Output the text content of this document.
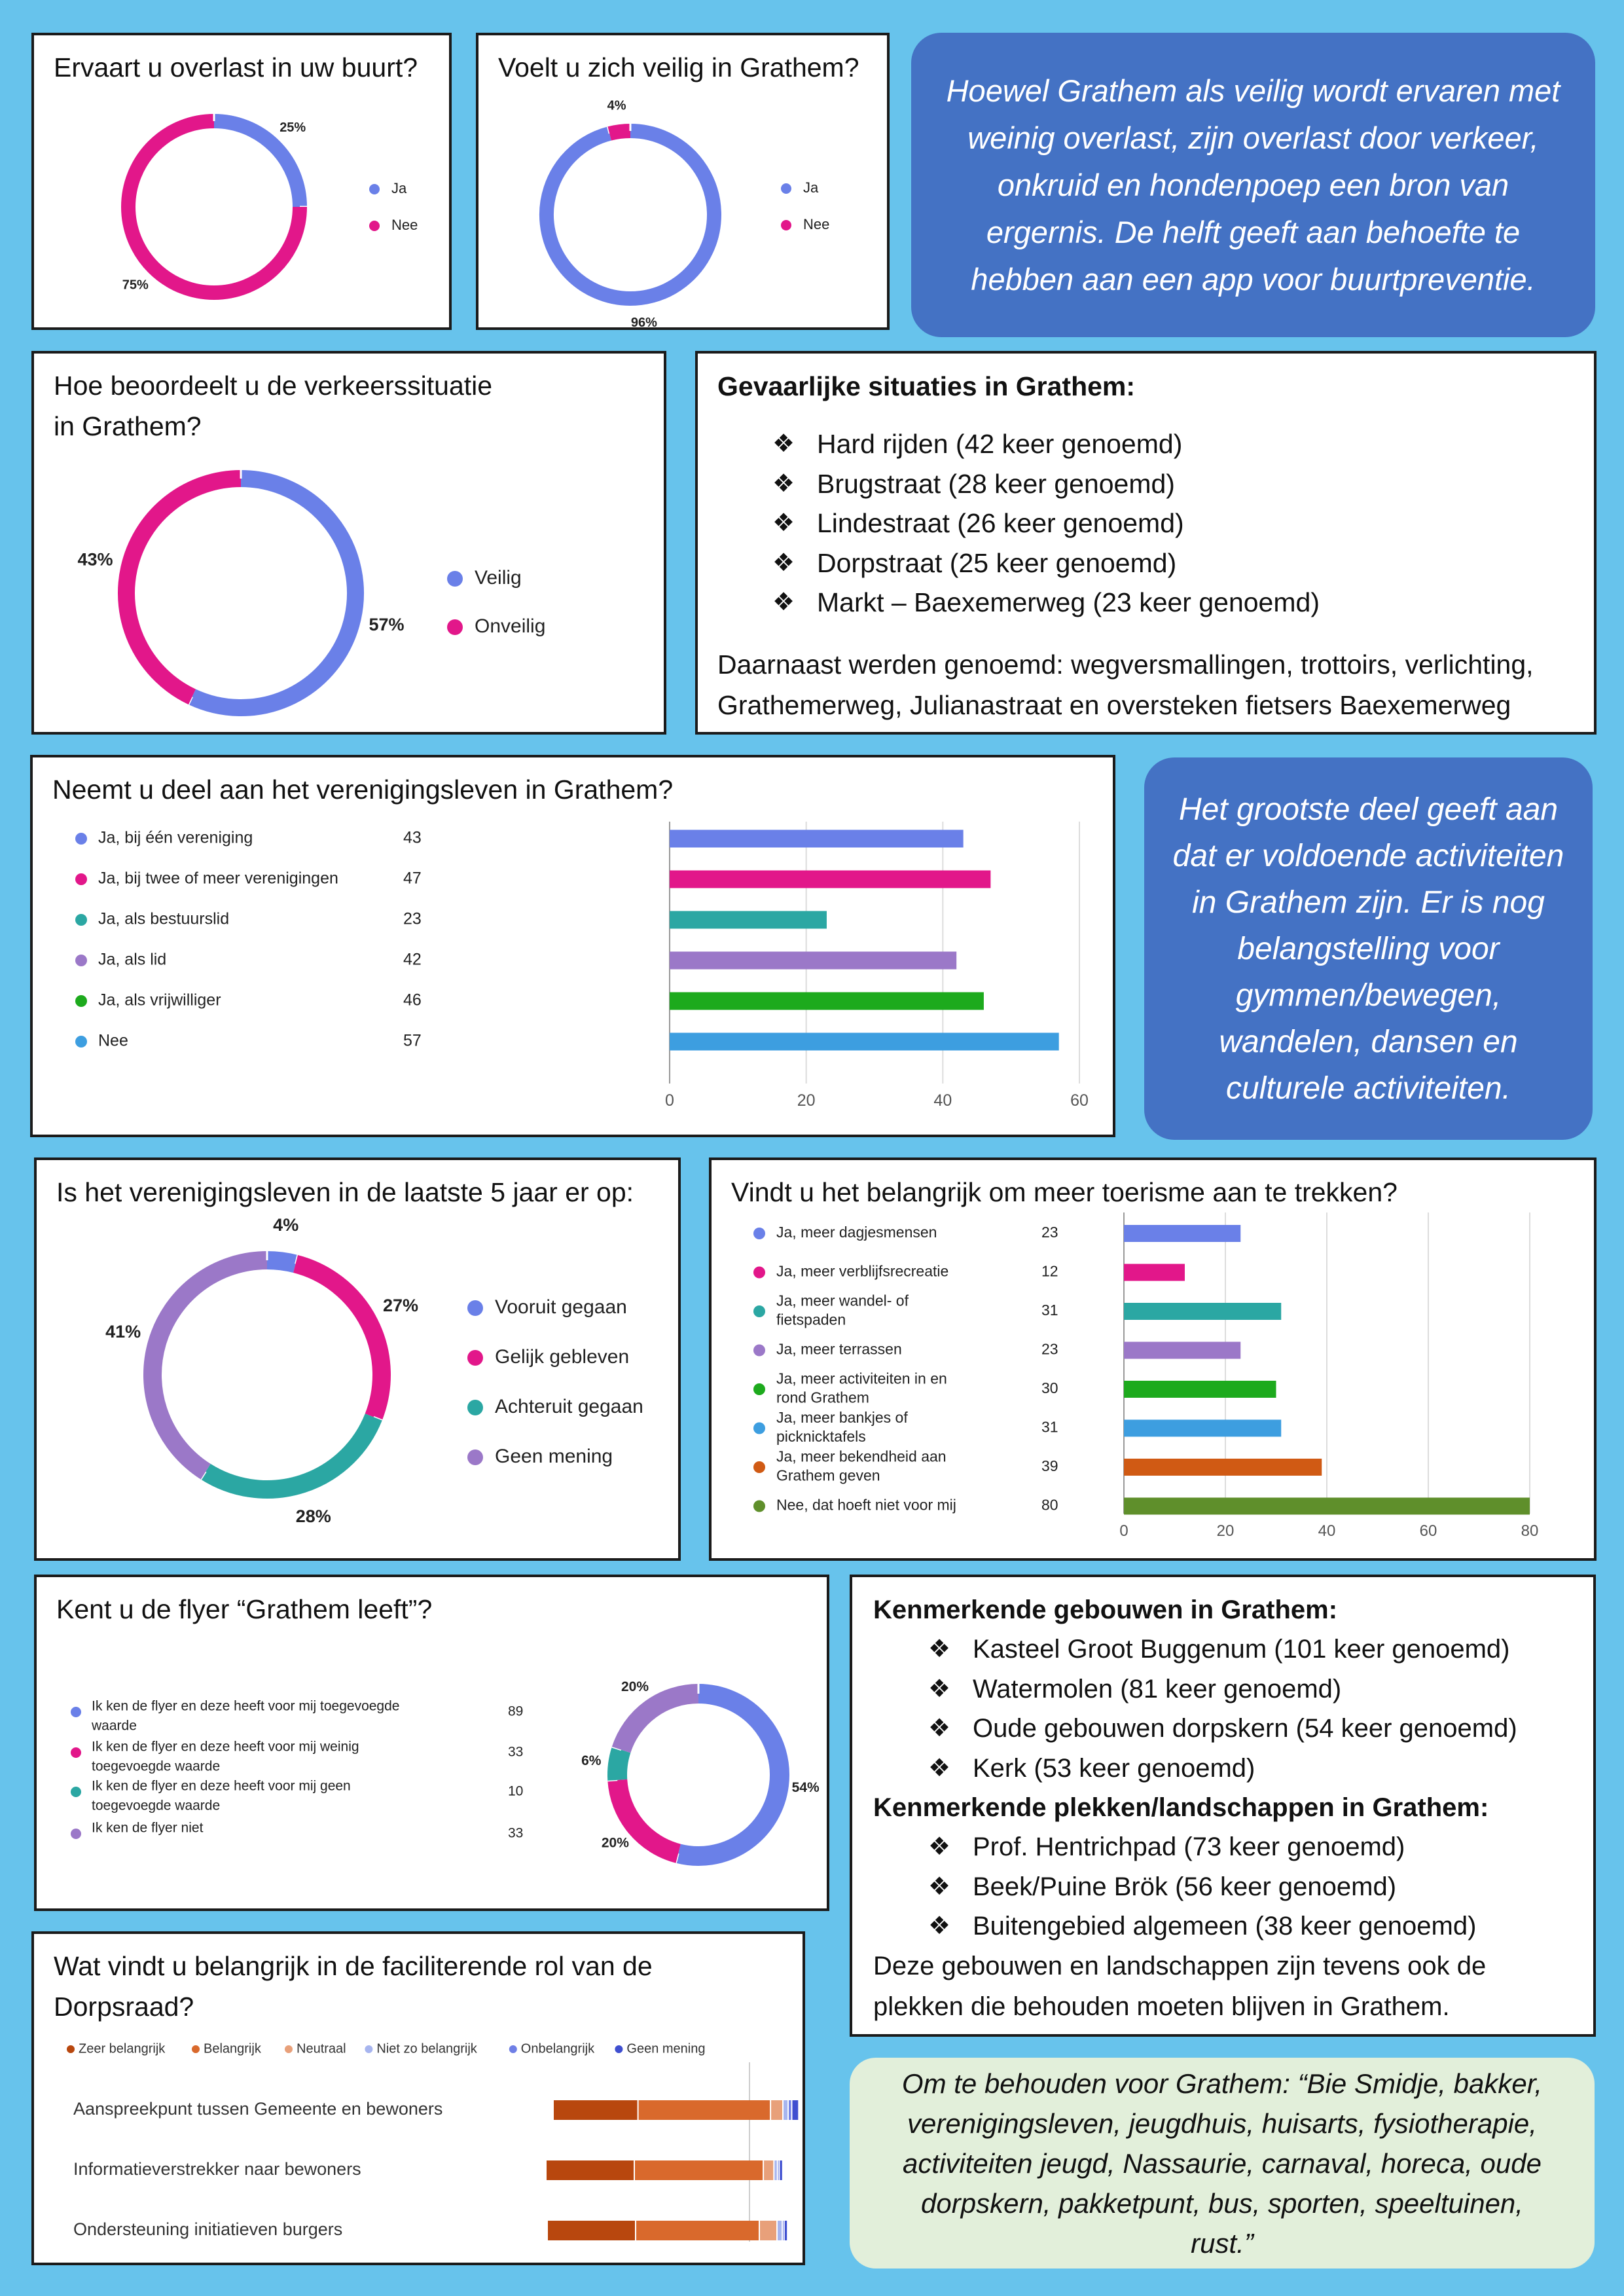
Ervaart u overlast in uw buurt?
25%
75%
Ja
Nee
Voelt u zich veilig in Grathem?
96%
4%
Ja
Nee
Hoewel Grathem als veilig wordt ervaren met weinig overlast, zijn overlast door verkeer, onkruid en hondenpoep een bron van ergernis. De helft geeft aan behoefte te hebben aan een app voor buurtpreventie.
Hoe beoordeelt u de verkeerssituatie in Grathem?
57%
43%
Veilig
Onveilig
Gevaarlijke situaties in Grathem:
❖ Hard rijden (42 keer genoemd)
❖ Brugstraat (28 keer genoemd)
❖ Lindestraat (26 keer genoemd)
❖ Dorpstraat (25 keer genoemd)
❖ Markt – Baexemerweg (23 keer genoemd)
Daarnaast werden genoemd: wegversmallingen, trottoirs, verlichting, Grathemerweg, Julianastraat en oversteken fietsers Baexemerweg
Neemt u deel aan het verenigingsleven in Grathem?
0	20	40	60
Ja, bij één vereniging	43
Ja, bij twee of meer verenigingen	47
Ja, als bestuurslid	23
Ja, als lid	42
Ja, als vrijwilliger	46
Nee	57
Het grootste deel geeft aan dat er voldoende activiteiten in Grathem zijn. Er is nog belangstelling voor gymmen/bewegen, wandelen, dansen en culturele activiteiten.
Is het verenigingsleven in de laatste 5 jaar er op:
4%
27%
28%
41%
Vooruit gegaan
Gelijk gebleven
Achteruit gegaan
Geen mening
Vindt u het belangrijk om meer toerisme aan te trekken?
0	20	40	60	80
Ja, meer dagjesmensen	23
Ja, meer verblijfsrecreatie	12
Ja, meer wandel- of
fietspaden
31
Ja, meer terrassen	23
Ja, meer activiteiten in en
rond Grathem
30
Ja, meer bankjes of
picknicktafels
31
Ja, meer bekendheid aan
Grathem geven
39
Nee, dat hoeft niet voor mij	80
Kent u de flyer “Grathem leeft”?
54%
20%
6%
20%
Ik ken de flyer en deze heeft voor mij toegevoegde
waarde
89
Ik ken de flyer en deze heeft voor mij weinig
toegevoegde waarde
33
Ik ken de flyer en deze heeft voor mij geen
toegevoegde waarde
10
Ik ken de flyer niet	33
Kenmerkende gebouwen in Grathem:
❖ Kasteel Groot Buggenum (101 keer genoemd)
❖ Watermolen (81 keer genoemd)
❖ Oude gebouwen dorpskern (54 keer genoemd)
❖ Kerk (53 keer genoemd)
Kenmerkende plekken/landschappen in Grathem:
❖ Prof. Hentrichpad (73 keer genoemd)
❖ Beek/Puine Brök (56 keer genoemd)
❖ Buitengebied algemeen (38 keer genoemd)
Deze gebouwen en landschappen zijn tevens ook de plekken die behouden moeten blijven in Grathem.
Wat vindt u belangrijk in de faciliterende rol van de Dorpsraad?
Zeer belangrijk	Belangrijk	Neutraal Niet zo belangrijk	Onbelangrijk Geen mening
Aanspreekpunt tussen Gemeente en bewoners
Informatieverstrekker naar bewoners
Ondersteuning initiatieven burgers
Om te behouden voor Grathem: “Bie Smidje, bakker, verenigingsleven, jeugdhuis, huisarts, fysiotherapie, activiteiten jeugd, Nassaurie, carnaval, horeca, oude dorpskern, pakketpunt, bus, sporten, speeltuinen, rust.”
